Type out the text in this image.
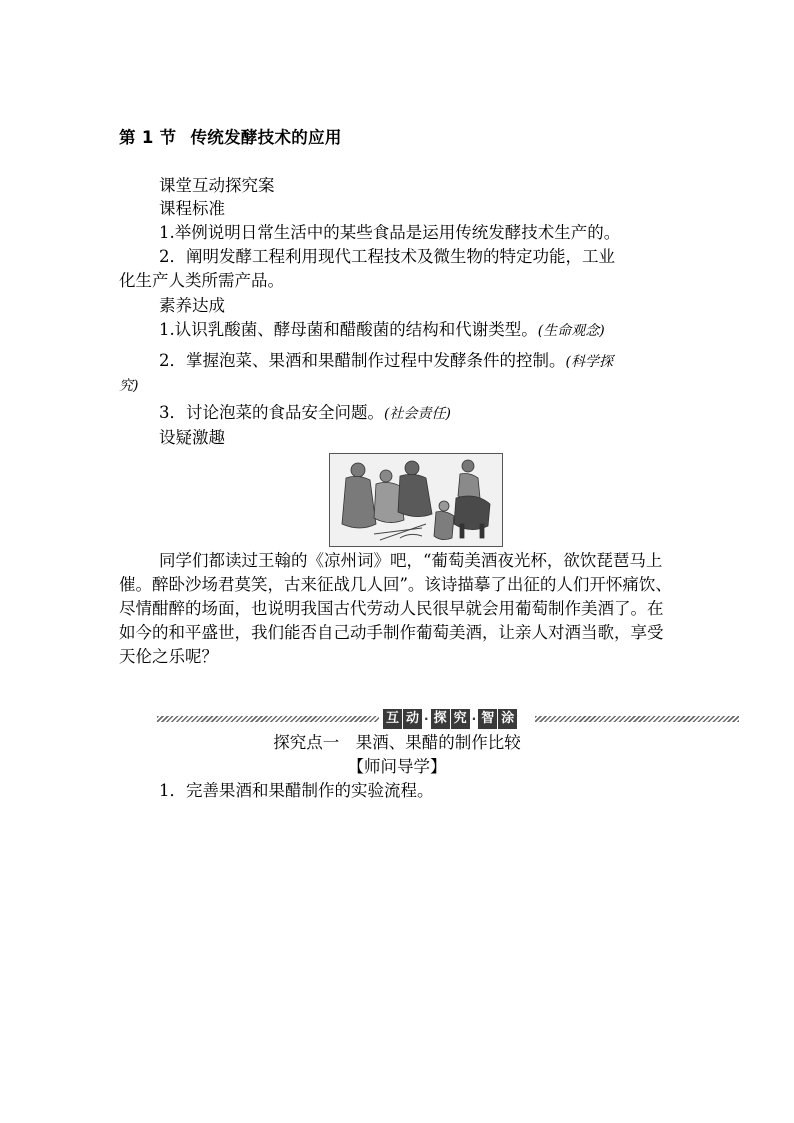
第 1 节 传统发酵技术的应用
课堂互动探究案
课程标准
1.举例说明日常生活中的某些食品是运用传统发酵技术生产的。
2．阐明发酵工程利用现代工程技术及微生物的特定功能，工业
化生产人类所需产品。
素养达成
1.认识乳酸菌、酵母菌和醋酸菌的结构和代谢类型。(生命观念)
2．掌握泡菜、果酒和果醋制作过程中发酵条件的控制。(科学探
究)
3．讨论泡菜的食品安全问题。(社会责任)
设疑激趣

同学们都读过王翰的《凉州词》吧，“葡萄美酒夜光杯，欲饮琵琶马上催。醉卧沙场君莫笑，古来征战几人回”。该诗描摹了出征的人们开怀痛饮、尽情酣醉的场面，也说明我国古代劳动人民很早就会用葡萄制作美酒了。在如今的和平盛世，我们能否自己动手制作葡萄美酒，让亲人对酒当歌，享受天伦之乐呢？

互 动 · 探 究 · 智 涂
探究点一　果酒、果醋的制作比较
【师问导学】
1．完善果酒和果醋制作的实验流程。
